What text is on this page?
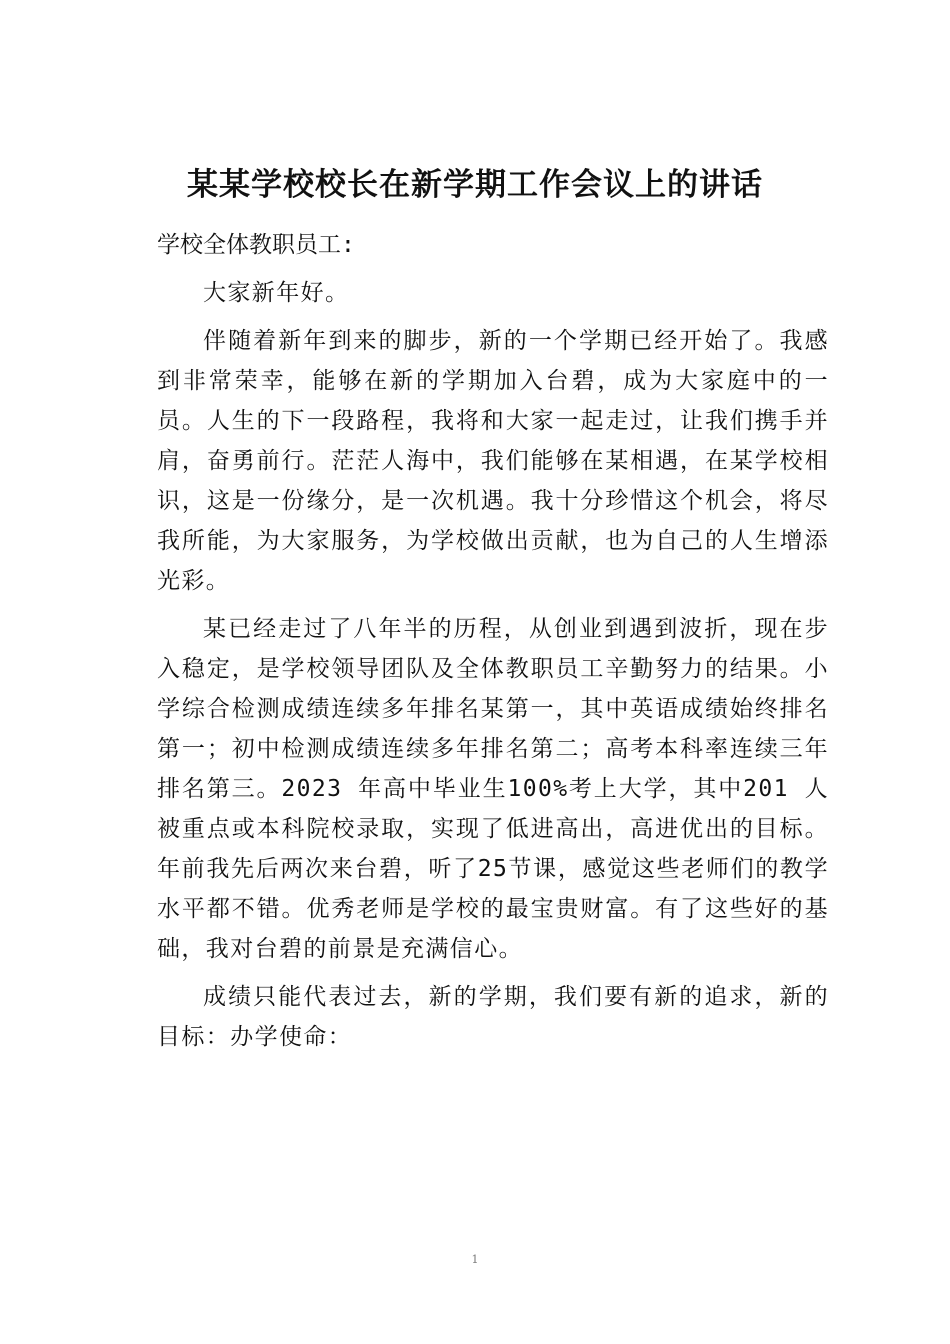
某某学校校长在新学期工作会议上的讲话
学校全体教职员工:

大家新年好。

伴随着新年到来的脚步，新的一个学期已经开始了。我感到非常荣幸，能够在新的学期加入台碧，成为大家庭中的一员。人生的下一段路程，我将和大家一起走过，让我们携手并肩，奋勇前行。茫茫人海中，我们能够在某相遇，在某学校相识，这是一份缘分，是一次机遇。我十分珍惜这个机会，将尽我所能，为大家服务，为学校做出贡献，也为自己的人生增添光彩。

某已经走过了八年半的历程，从创业到遇到波折，现在步入稳定，是学校领导团队及全体教职员工辛勤努力的结果。小学综合检测成绩连续多年排名某第一，其中英语成绩始终排名第一；初中检测成绩连续多年排名第二；高考本科率连续三年排名第三。2023 年高中毕业生100%考上大学，其中201 人被重点或本科院校录取，实现了低进高出，高进优出的目标。年前我先后两次来台碧，听了25节课，感觉这些老师们的教学水平都不错。优秀老师是学校的最宝贵财富。有了这些好的基础，我对台碧的前景是充满信心。

成绩只能代表过去，新的学期，我们要有新的追求，新的目标：办学使命：

1
